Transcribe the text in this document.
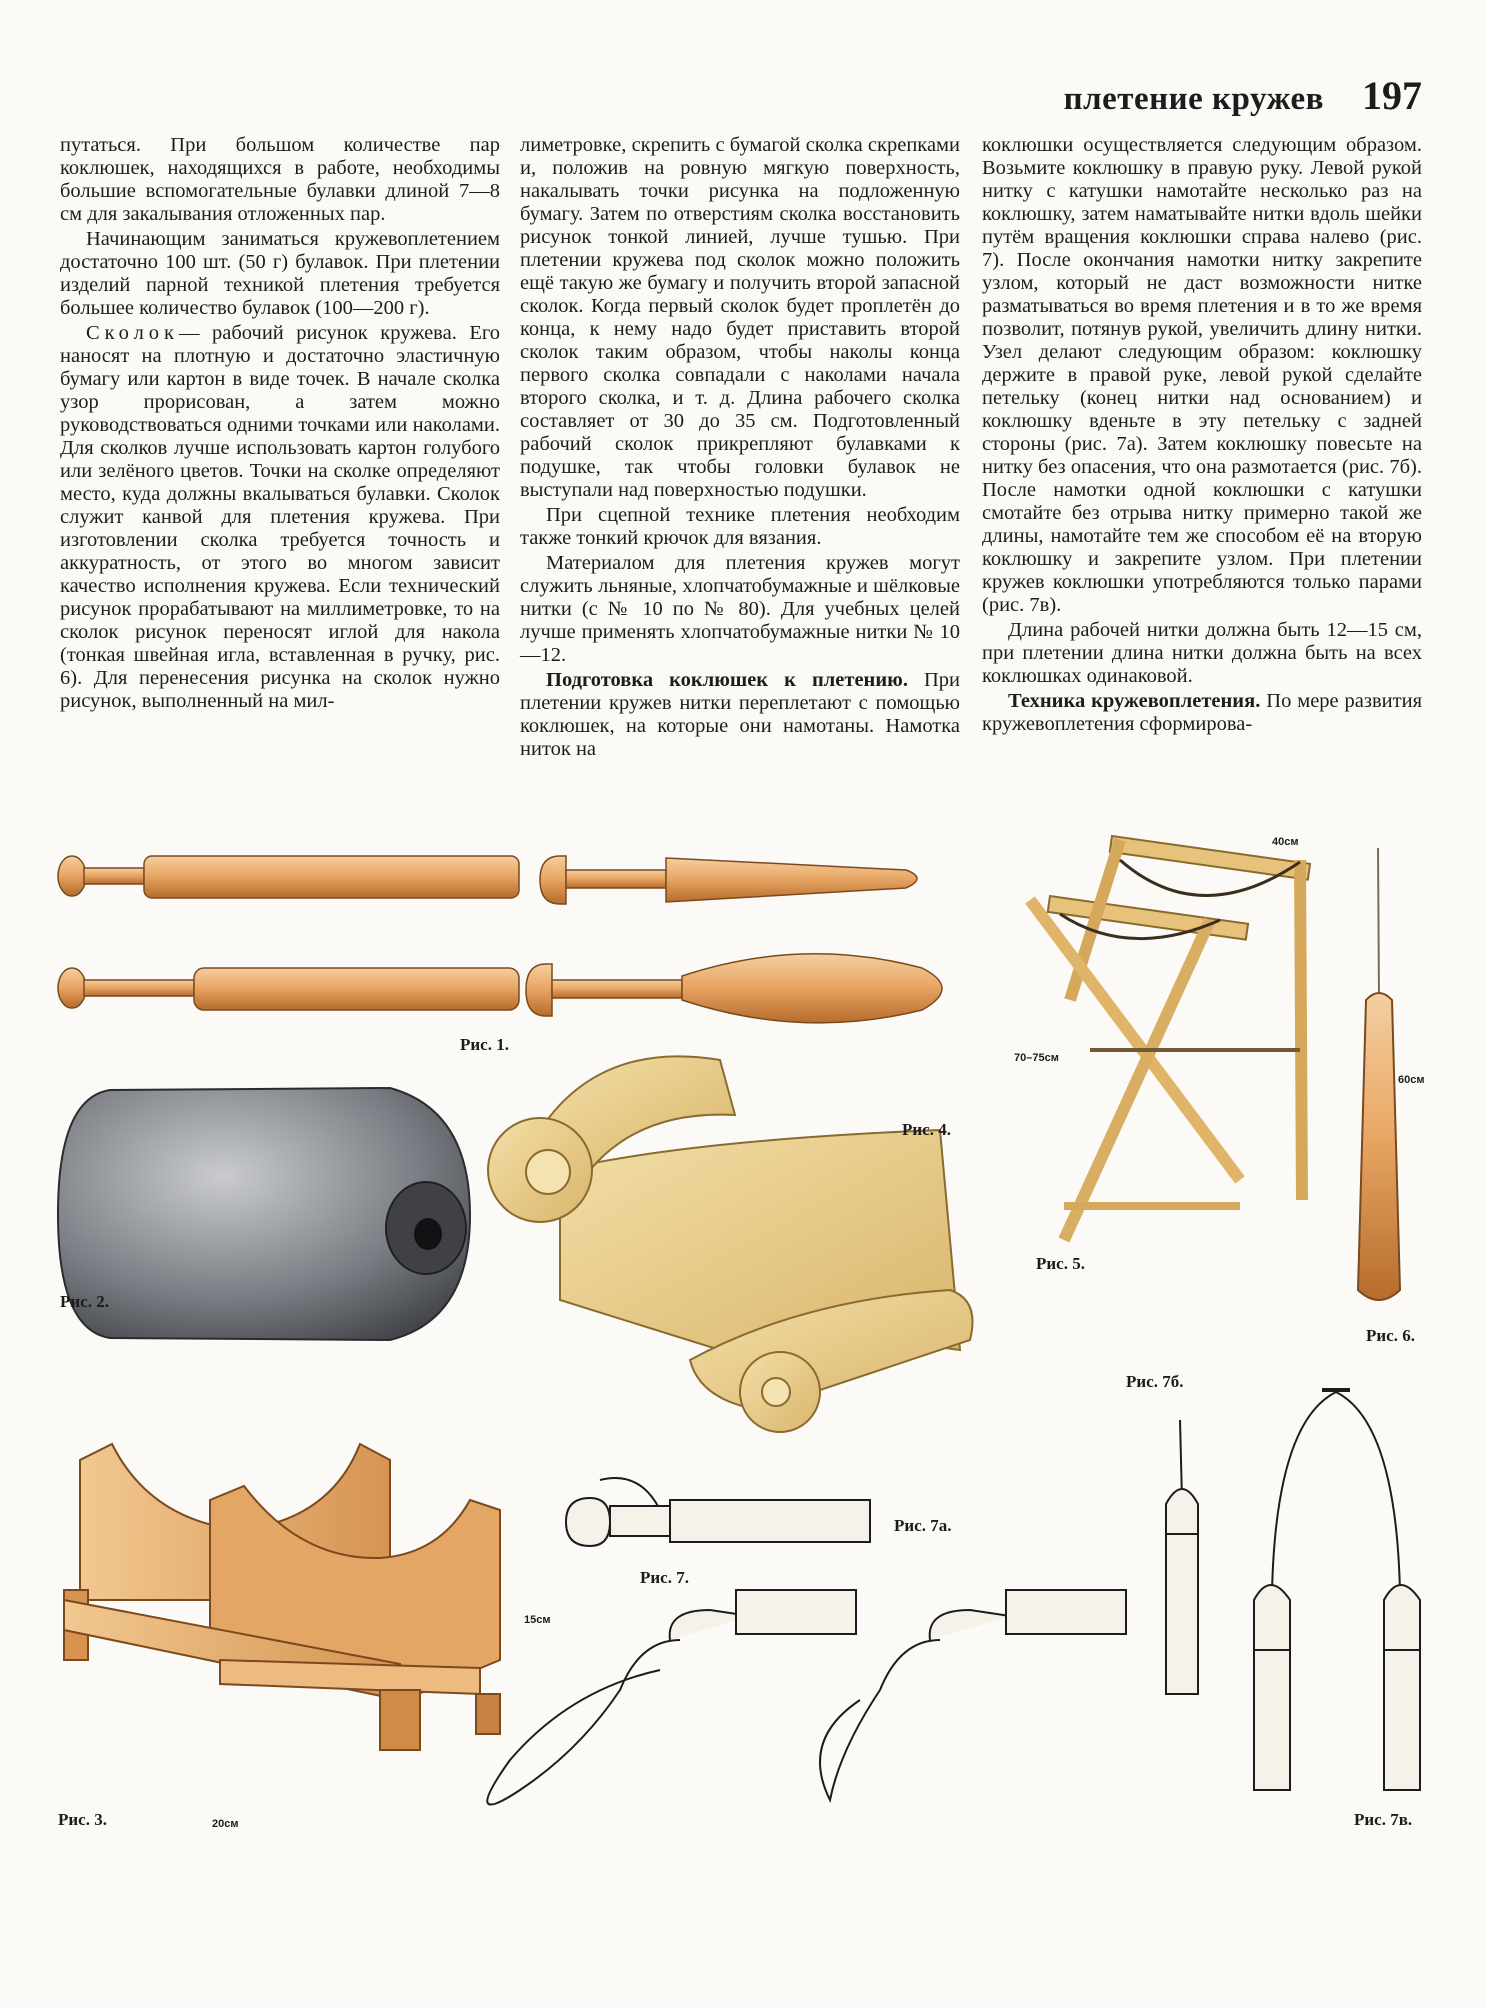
плетение кружев 197

путаться. При большом количестве пар коклюшек, находящихся в работе, необходимы большие вспомогательные булавки длиной 7—8 см для закалывания отложенных пар.

Начинающим заниматься кружевоплетением достаточно 100 шт. (50 г) булавок. При плетении изделий парной техникой плетения требуется большее количество булавок (100—200 г).

Сколок— рабочий рисунок кружева. Его наносят на плотную и достаточно эластичную бумагу или картон в виде точек. В начале сколка узор прорисован, а затем можно руководствоваться одними точками или наколами. Для сколков лучше использовать картон голубого или зелёного цветов. Точки на сколке определяют место, куда должны вкалываться булавки. Сколок служит канвой для плетения кружева. При изготовлении сколка требуется точность и аккуратность, от этого во многом зависит качество исполнения кружева. Если технический рисунок прорабатывают на миллиметровке, то на сколок рисунок переносят иглой для накола (тонкая швейная игла, вставленная в ручку, рис. 6). Для перенесения рисунка на сколок нужно рисунок, выполненный на мил-

лиметровке, скрепить с бумагой сколка скрепками и, положив на ровную мягкую поверхность, накалывать точки рисунка на подложенную бумагу. Затем по отверстиям сколка восстановить рисунок тонкой линией, лучше тушью. При плетении кружева под сколок можно положить ещё такую же бумагу и получить второй запасной сколок. Когда первый сколок будет проплетён до конца, к нему надо будет приставить второй сколок таким образом, чтобы наколы конца первого сколка совпадали с наколами начала второго сколка, и т. д. Длина рабочего сколка составляет от 30 до 35 см. Подготовленный рабочий сколок прикрепляют булавками к подушке, так чтобы головки булавок не выступали над поверхностью подушки.

При сцепной технике плетения необходим также тонкий крючок для вязания.

Материалом для плетения кружев могут служить льняные, хлопчатобумажные и шёлковые нитки (с № 10 по № 80). Для учебных целей лучше применять хлопчатобумажные нитки № 10—12.

Подготовка коклюшек к плетению. При плетении кружев нитки переплетают с помощью коклюшек, на которые они намотаны. Намотка ниток на

коклюшки осуществляется следующим образом. Возьмите коклюшку в правую руку. Левой рукой нитку с катушки намотайте несколько раз на коклюшку, затем наматывайте нитки вдоль шейки путём вращения коклюшки справа налево (рис. 7). После окончания намотки нитку закрепите узлом, который не даст возможности нитке разматываться во время плетения и в то же время позволит, потянув рукой, увеличить длину нитки. Узел делают следующим образом: коклюшку держите в правой руке, левой рукой сделайте петельку (конец нитки над основанием) и коклюшку вденьте в эту петельку с задней стороны (рис. 7а). Затем коклюшку повесьте на нитку без опасения, что она размотается (рис. 7б). После намотки одной коклюшки с катушки смотайте без отрыва нитку примерно такой же длины, намотайте тем же способом её на вторую коклюшку и закрепите узлом. При плетении кружев коклюшки употребляются только парами (рис. 7в).

Длина рабочей нитки должна быть 12—15 см, при плетении длина нитки должна быть на всех коклюшках одинаковой.

Техника кружевоплетения. По мере развития кружевоплетения сформирова-

Рис. 1.
Рис. 2.
Рис. 3.
Рис. 4.
Рис. 5.
Рис. 6.
Рис. 7.
Рис. 7а.
Рис. 7б.
Рис. 7в.
40см
70–75см
60см
15см
20см
